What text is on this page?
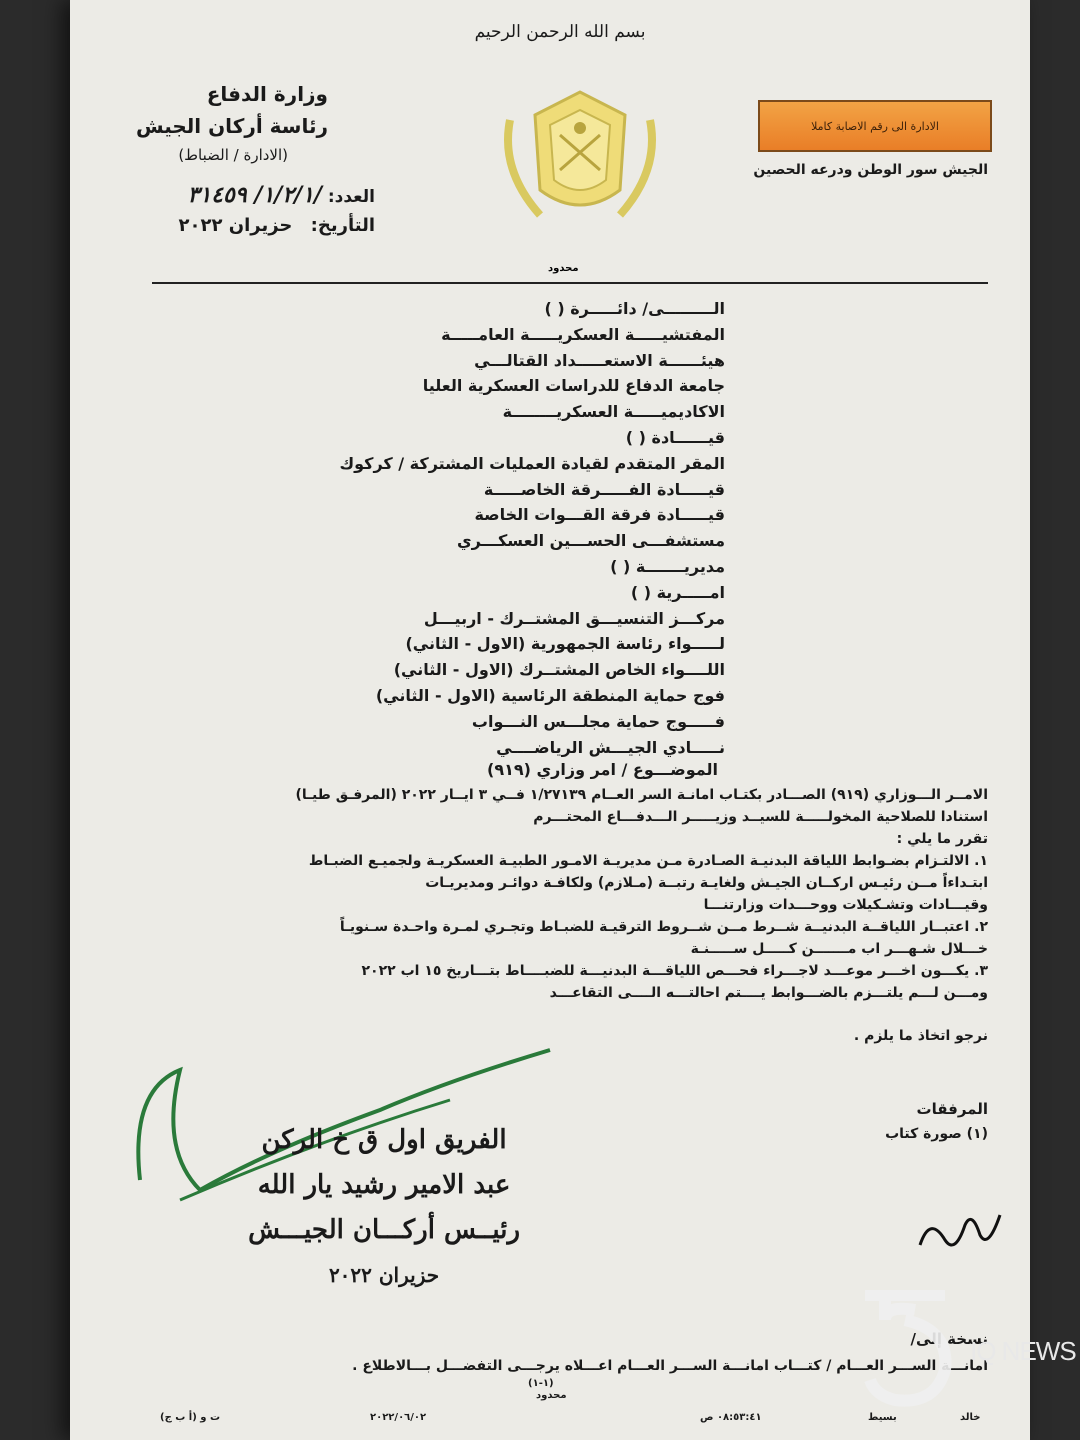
بسم الله الرحمن الرحيم
وزارة الدفاع
رئاسة أركان الجيش
(الادارة / الضباط)
العدد: /١/٢/١/ ٣١٤٥٩
التأريخ: حزيران ٢٠٢٢
الادارة الى رقم الاصابة كاملا
الجيش سور الوطن ودرعه الحصين
محدود
الـــــــــى/ دائـــــرة ( )
المفتشيـــــة العسكريـــــة العامـــــة
هيئــــــة الاستعـــــداد القتالـــي
جامعة الدفاع للدراسات العسكرية العليا
الاكاديميـــــة العسكريــــــــة
قيــــــادة ( )
المقر المتقدم لقيادة العمليات المشتركة / كركوك
قيـــــادة الفـــــرقة الخاصـــــة
قيـــــادة فرقة القـــوات الخاصة
مستشفـــى الحســـين العسكـــري
مديريـــــــة ( )
امـــــرية ( )
مركـــز التنسيـــق المشتــرك - اربيـــل
لـــــواء رئاسة الجمهورية (الاول - الثاني)
اللــــواء الخاص المشتــرك (الاول - الثاني)
فوج حماية المنطقة الرئاسية (الاول - الثاني)
فـــــوج حماية مجلـــس النـــواب
نـــــادي الجيـــش الرياضــــي
الموضـــوع / امر وزاري (٩١٩)

الامــر الـــوزاري (٩١٩) الصـــادر بكتـاب امانـة السر العــام ١/٢٧١٣٩ فــي ٣ ايــار ٢٠٢٢ (المرفـق طيـا)

استنادا للصلاحية المخولـــــة للسيــد وزيـــــر الـــدفـــاع المحتـــرم

تقرر ما يلي :

١. الالتـزام بضـوابط اللياقة البدنيـة الصـادرة مـن مديريـة الامـور الطبيـة العسكريـة ولجميـع الضبـاط

ابتـداءاً مــن رئيـس اركــان الجيـش ولغايـة رتبــة (مـلازم) ولكافـة دوائـر ومديريـات

وقيـــادات وتشـكيلات ووحـــدات وزارتنـــا

٢. اعتبــار اللياقــة البدنيــة شــرط مــن شــروط الترقيـة للضبـاط وتجـري لمـرة واحـدة سـنويـاً

خـــلال شـهـــر اب مـــــــن كـــــل ســـــنـة

٣. يكـــون اخـــر موعـــد لاجـــراء فحـــص اللياقـــة البدنيـــة للضبــــاط بتـــاريخ ١٥ اب ٢٠٢٢

ومـــن لـــم يلتـــزم بالضـــوابط يــــتم احالتـــه الــــى التقاعـــد

نرجو اتخاذ ما يلزم .
المرفقات
(١) صورة كتاب
الفريق اول ق خ الركن
عبد الامير رشيد يار الله
رئيــس أركـــان الجيـــش
حزيران ٢٠٢٢
نسخة إلى/
امانـــة الســـر العـــام / كتـــاب امانـــة الســـر العـــام اعـــلاه يرجـــى التفضـــل بـــالاطلاع .
(١-١)
محدود
ت و (أ ب ج)	٢٠٢٢/٠٦/٠٢	٠٨:٥٣:٤١ ص	بسيط	خالد
IQ NEWS
